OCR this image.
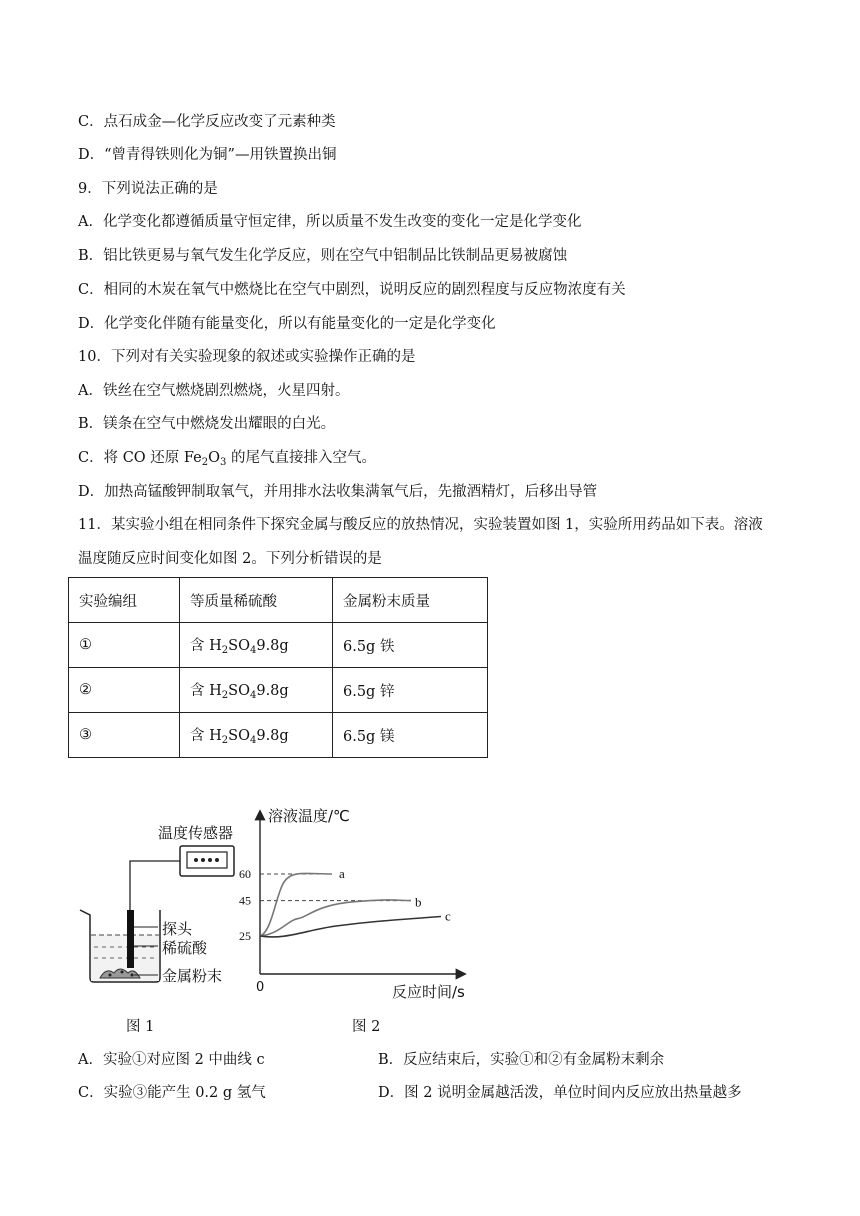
C．点石成金—化学反应改变了元素种类
D．“曾青得铁则化为铜”—用铁置换出铜
9．下列说法正确的是
A．化学变化都遵循质量守恒定律，所以质量不发生改变的变化一定是化学变化
B．铝比铁更易与氧气发生化学反应，则在空气中铝制品比铁制品更易被腐蚀
C．相同的木炭在氧气中燃烧比在空气中剧烈，说明反应的剧烈程度与反应物浓度有关
D．化学变化伴随有能量变化，所以有能量变化的一定是化学变化
10．下列对有关实验现象的叙述或实验操作正确的是
A．铁丝在空气燃烧剧烈燃烧，火星四射。
B．镁条在空气中燃烧发出耀眼的白光。
C．将 CO 还原 $Fe_2O_3$ 的尾气直接排入空气。
D．加热高锰酸钾制取氧气，并用排水法收集满氧气后，先撤酒精灯，后移出导管
11．某实验小组在相同条件下探究金属与酸反应的放热情况，实验装置如图 1，实验所用药品如下表。溶液
温度随反应时间变化如图 2。下列分析错误的是
实验编组	等质量稀硫酸	金属粉末质量
①	含 $H_2SO_49.8g$	6.5g 铁
②	含 $H_2SO_49.8g$	6.5g 锌
③	含 $H_2SO_49.8g$	6.5g 镁
温度传感器
探头
稀硫酸
金属粉末
图 1
25
45
60	a
b
c
溶液温度/℃
反应时间/s
0
图 2
A．实验①对应图 2 中曲线 c	B．反应结束后，实验①和②有金属粉末剩余
C．实验③能产生 0.2 g 氢气	D．图 2 说明金属越活泼，单位时间内反应放出热量越多
